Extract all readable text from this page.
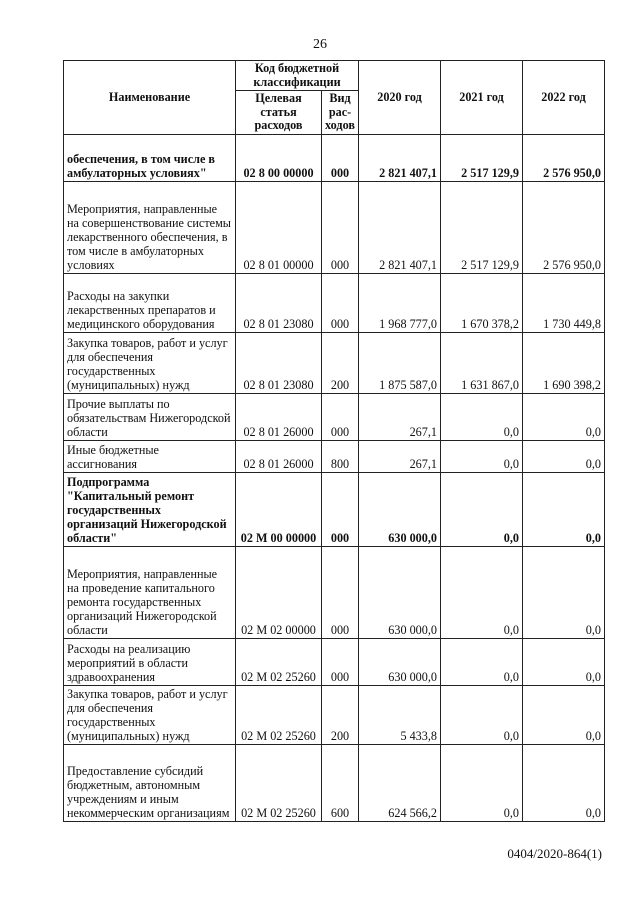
26
Наименование	Код бюджетной классификации		2020 год	2021 год	2022 год
	Целевая статья расходов	Вид рас-ходов			
обеспечения, в том числе в амбулаторных условиях"	02 8 00 00000	000	2 821 407,1	2 517 129,9	2 576 950,0
Мероприятия, направленные на совершенствование системы лекарственного обеспечения, в том числе в амбулаторных условиях	02 8 01 00000	000	2 821 407,1	2 517 129,9	2 576 950,0
Расходы на закупки лекарственных препаратов и медицинского оборудования	02 8 01 23080	000	1 968 777,0	1 670 378,2	1 730 449,8
Закупка товаров, работ и услуг для обеспечения государственных (муниципальных) нужд	02 8 01 23080	200	1 875 587,0	1 631 867,0	1 690 398,2
Прочие выплаты по обязательствам Нижегородской области	02 8 01 26000	000	267,1	0,0	0,0
Иные бюджетные ассигнования	02 8 01 26000	800	267,1	0,0	0,0
Подпрограмма "Капитальный ремонт государственных организаций Нижегородской области"	02 М 00 00000	000	630 000,0	0,0	0,0
Мероприятия, направленные на проведение капитального ремонта государственных организаций Нижегородской области	02 М 02 00000	000	630 000,0	0,0	0,0
Расходы на реализацию мероприятий в области здравоохранения	02 М 02 25260	000	630 000,0	0,0	0,0
Закупка товаров, работ и услуг для обеспечения государственных (муниципальных) нужд	02 М 02 25260	200	5 433,8	0,0	0,0
Предоставление субсидий бюджетным, автономным учреждениям и иным некоммерческим организациям	02 М 02 25260	600	624 566,2	0,0	0,0
0404/2020-864(1)
